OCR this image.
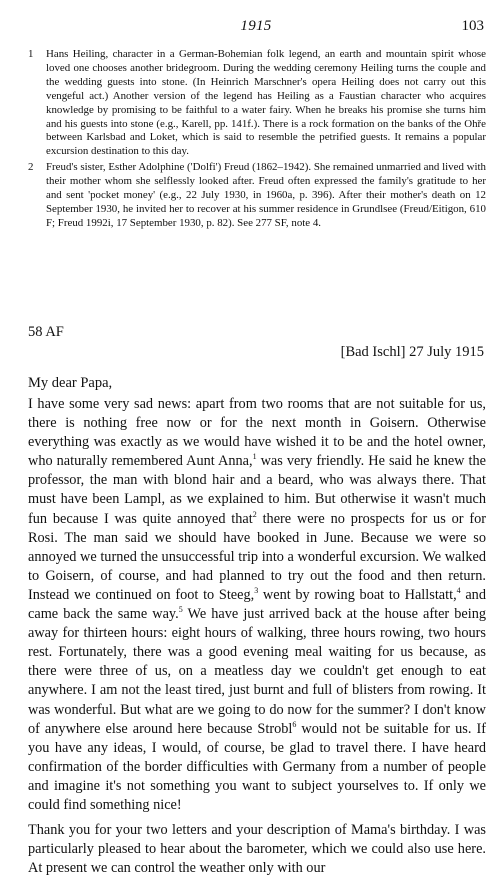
1915	103
1 Hans Heiling, character in a German-Bohemian folk legend, an earth and mountain spirit whose loved one chooses another bridegroom. During the wedding ceremony Heiling turns the couple and the wedding guests into stone. (In Heinrich Marschner's opera Heiling does not carry out this vengeful act.) Another version of the legend has Heiling as a Faustian character who acquires knowledge by promising to be faithful to a water fairy. When he breaks his promise she turns him and his guests into stone (e.g., Karell, pp. 141f.). There is a rock formation on the banks of the Ohře between Karlsbad and Loket, which is said to resemble the petrified guests. It remains a popular excursion destination to this day.
2 Freud's sister, Esther Adolphine ('Dolfi') Freud (1862–1942). She remained unmarried and lived with their mother whom she selflessly looked after. Freud often expressed the family's gratitude to her and sent 'pocket money' (e.g., 22 July 1930, in 1960a, p. 396). After their mother's death on 12 September 1930, he invited her to recover at his summer residence in Grundlsee (Freud/Eitigon, 610 F; Freud 1992i, 17 September 1930, p. 82). See 277 SF, note 4.
58 AF
[Bad Ischl] 27 July 1915
My dear Papa,

I have some very sad news: apart from two rooms that are not suitable for us, there is nothing free now or for the next month in Goisern. Otherwise everything was exactly as we would have wished it to be and the hotel owner, who naturally remembered Aunt Anna,$^1$ was very friendly. He said he knew the professor, the man with blond hair and a beard, who was always there. That must have been Lampl, as we explained to him. But otherwise it wasn't much fun because I was quite annoyed that$^2$ there were no prospects for us or for Rosi. The man said we should have booked in June. Because we were so annoyed we turned the unsuccessful trip into a wonderful excursion. We walked to Goisern, of course, and had planned to try out the food and then return. Instead we continued on foot to Steeg,$^3$ went by rowing boat to Hallstatt,$^4$ and came back the same way.$^5$ We have just arrived back at the house after being away for thirteen hours: eight hours of walking, three hours rowing, two hours rest. Fortunately, there was a good evening meal waiting for us because, as there were three of us, on a meatless day we couldn't get enough to eat anywhere. I am not the least tired, just burnt and full of blisters from rowing. It was wonderful. But what are we going to do now for the summer? I don't know of anywhere else around here because Strobl$^6$ would not be suitable for us. If you have any ideas, I would, of course, be glad to travel there. I have heard confirmation of the border difficulties with Germany from a number of people and imagine it's not something you want to subject yourselves to. If only we could find something nice!

Thank you for your two letters and your description of Mama's birthday. I was particularly pleased to hear about the barometer, which we could also use here. At present we can control the weather only with our
